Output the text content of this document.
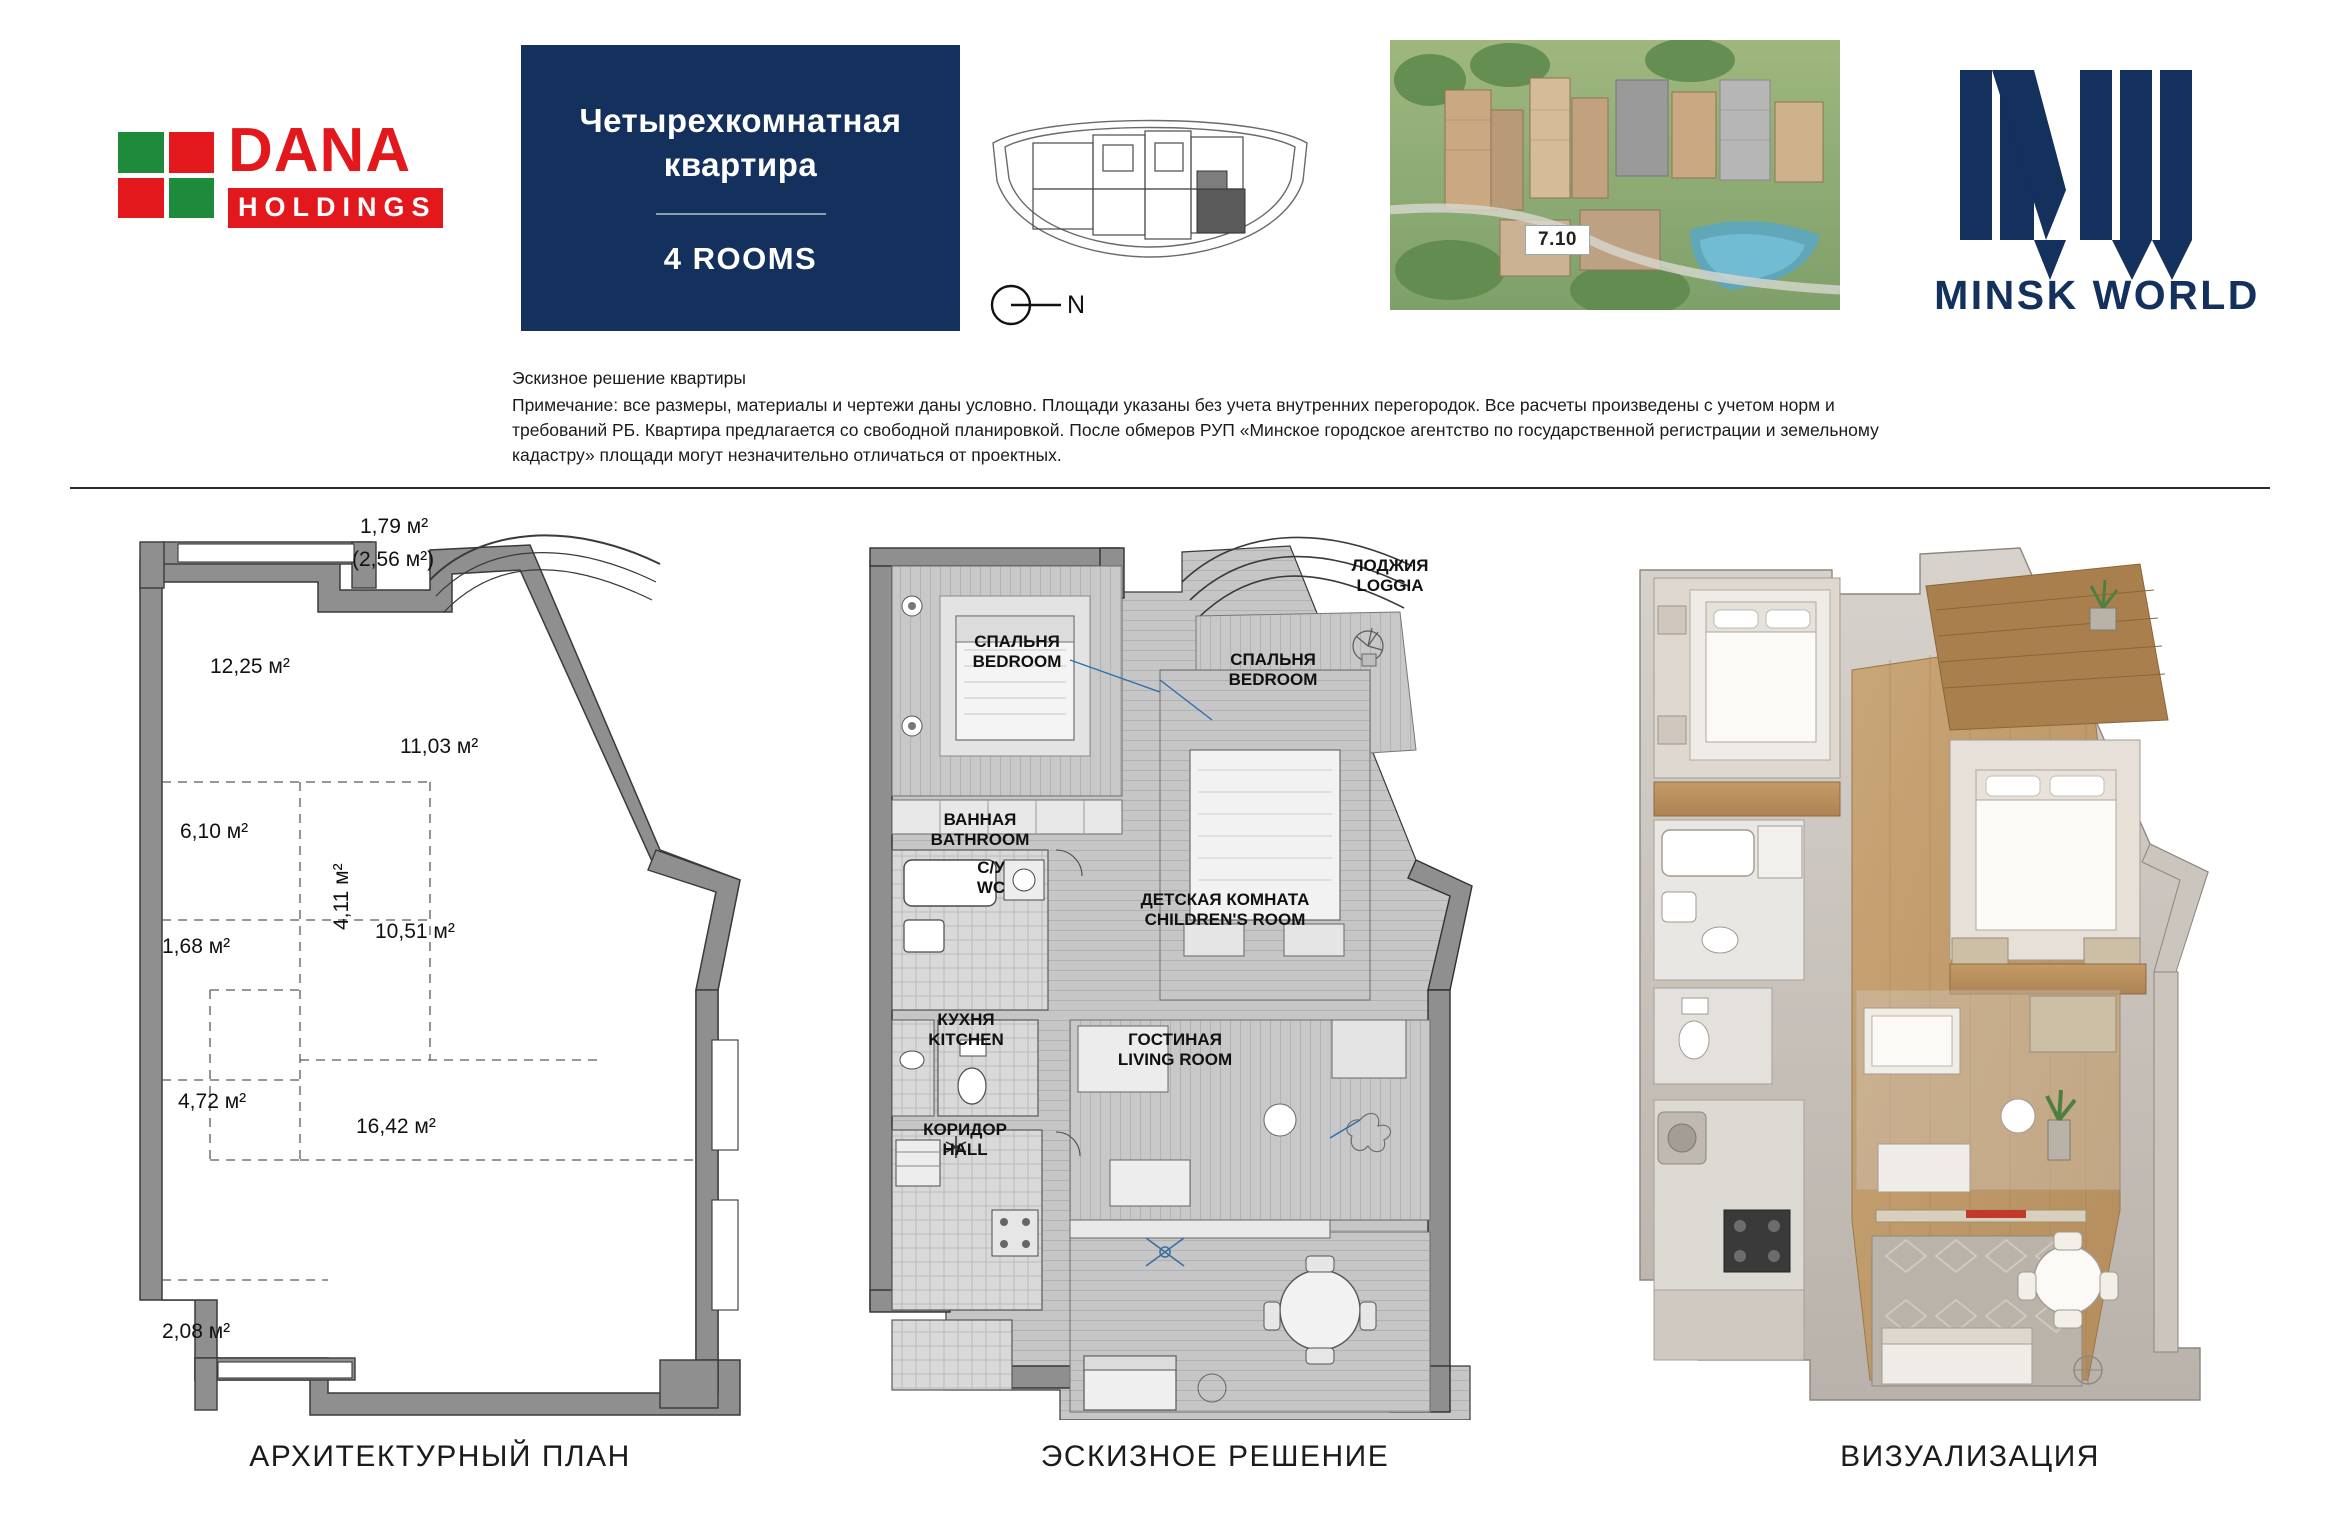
DANA
HOLDINGS
Четырехкомнатная
квартира
4 ROOMS
N
7.10
MINSK WORLD
Эскизное решение квартиры
Примечание: все размеры, материалы и чертежи даны условно. Площади указаны без учета внутренних перегородок. Все расчеты произведены с учетом норм и требований РБ. Квартира предлагается со свободной планировкой. После обмеров РУП «Минское городское агентство по государственной регистрации и земельному кадастру» площади могут незначительно отличаться от проектных.
1,79 м²
(2,56 м²)
12,25 м²
11,03 м²
6,10 м²
4,11 м²
1,68 м²
10,51 м²
4,72 м²
16,42 м²
2,08 м²
АРХИТЕКТУРНЫЙ ПЛАН
ЛОДЖИЯ
LOGGIA
СПАЛЬНЯ
BEDROOM	СПАЛЬНЯ
BEDROOM
ВАННАЯ
BATHROOM
С/У
WC
ДЕТСКАЯ КОМНАТА
CHILDREN'S ROOM
КУХНЯ
KITCHEN	ГОСТИНАЯ
LIVING ROOM
КОРИДОР
HALL
ЭСКИЗНОЕ РЕШЕНИЕ	ВИЗУАЛИЗАЦИЯ
